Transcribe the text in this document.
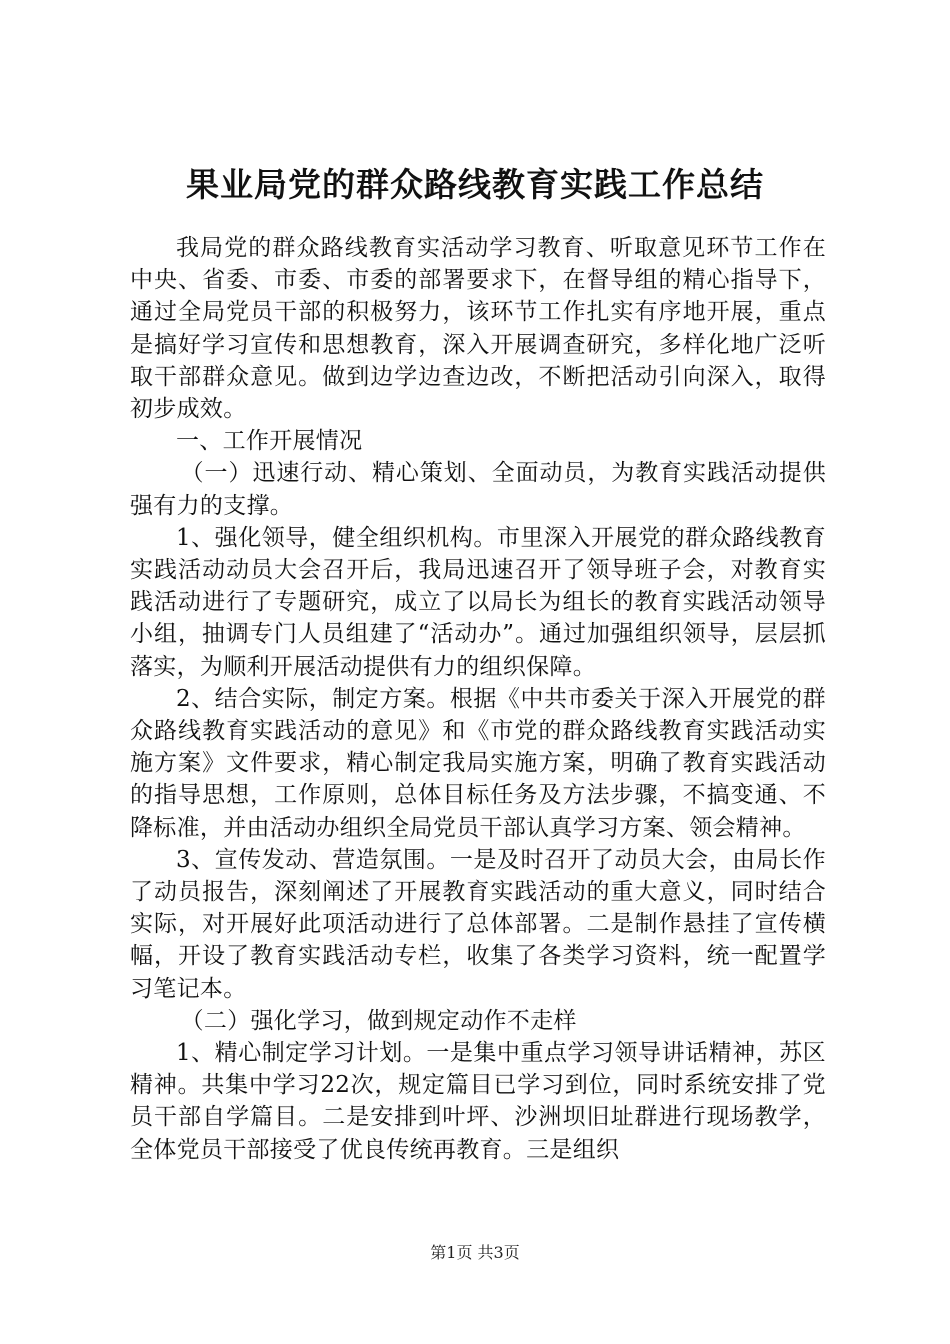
果业局党的群众路线教育实践工作总结

我局党的群众路线教育实活动学习教育、听取意见环节工作在中央、省委、市委、市委的部署要求下，在督导组的精心指导下，通过全局党员干部的积极努力，该环节工作扎实有序地开展，重点是搞好学习宣传和思想教育，深入开展调查研究，多样化地广泛听取干部群众意见。做到边学边查边改，不断把活动引向深入，取得初步成效。

一、工作开展情况

（一）迅速行动、精心策划、全面动员，为教育实践活动提供强有力的支撑。

1、强化领导，健全组织机构。市里深入开展党的群众路线教育实践活动动员大会召开后，我局迅速召开了领导班子会，对教育实践活动进行了专题研究，成立了以局长为组长的教育实践活动领导小组，抽调专门人员组建了“活动办”。通过加强组织领导，层层抓落实，为顺利开展活动提供有力的组织保障。

2、结合实际，制定方案。根据《中共市委关于深入开展党的群众路线教育实践活动的意见》和《市党的群众路线教育实践活动实施方案》文件要求，精心制定我局实施方案，明确了教育实践活动的指导思想，工作原则，总体目标任务及方法步骤，不搞变通、不降标准，并由活动办组织全局党员干部认真学习方案、领会精神。

3、宣传发动、营造氛围。一是及时召开了动员大会，由局长作了动员报告，深刻阐述了开展教育实践活动的重大意义，同时结合实际，对开展好此项活动进行了总体部署。二是制作悬挂了宣传横幅，开设了教育实践活动专栏，收集了各类学习资料，统一配置学习笔记本。

（二）强化学习，做到规定动作不走样

1、精心制定学习计划。一是集中重点学习领导讲话精神，苏区精神。共集中学习22次，规定篇目已学习到位，同时系统安排了党员干部自学篇目。二是安排到叶坪、沙洲坝旧址群进行现场教学，全体党员干部接受了优良传统再教育。三是组织

第1页 共3页
